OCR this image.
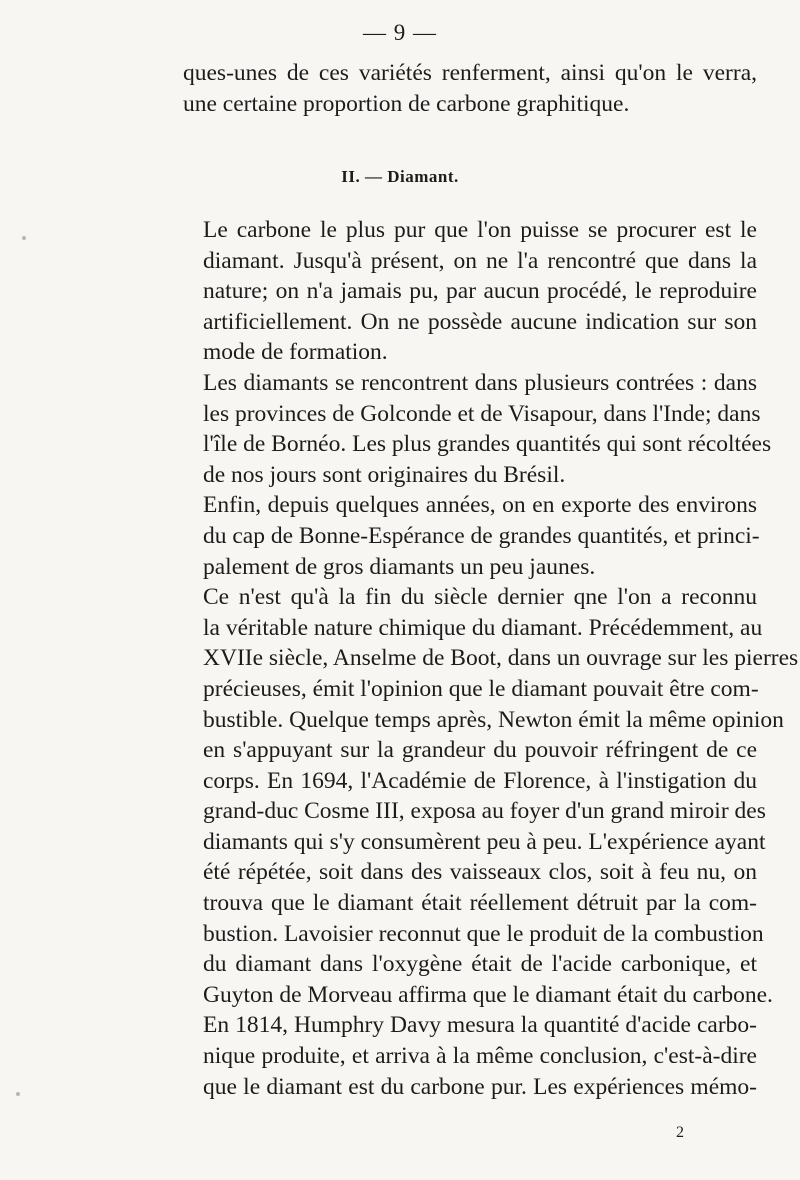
— 9 —
ques-unes de ces variétés renferment, ainsi qu'on le verra,
une certaine proportion de carbone graphitique.
II. — Diamant.
Le carbone le plus pur que l'on puisse se procurer est le
diamant. Jusqu'à présent, on ne l'a rencontré que dans la
nature; on n'a jamais pu, par aucun procédé, le reproduire
artificiellement. On ne possède aucune indication sur son
mode de formation.
Les diamants se rencontrent dans plusieurs contrées : dans
les provinces de Golconde et de Visapour, dans l'Inde; dans
l'île de Bornéo. Les plus grandes quantités qui sont récoltées
de nos jours sont originaires du Brésil.
Enfin, depuis quelques années, on en exporte des environs
du cap de Bonne-Espérance de grandes quantités, et princi-
palement de gros diamants un peu jaunes.
Ce n'est qu'à la fin du siècle dernier qne l'on a reconnu
la véritable nature chimique du diamant. Précédemment, au
XVIIe siècle, Anselme de Boot, dans un ouvrage sur les pierres
précieuses, émit l'opinion que le diamant pouvait être com-
bustible. Quelque temps après, Newton émit la même opinion
en s'appuyant sur la grandeur du pouvoir réfringent de ce
corps. En 1694, l'Académie de Florence, à l'instigation du
grand-duc Cosme III, exposa au foyer d'un grand miroir des
diamants qui s'y consumèrent peu à peu. L'expérience ayant
été répétée, soit dans des vaisseaux clos, soit à feu nu, on
trouva que le diamant était réellement détruit par la com-
bustion. Lavoisier reconnut que le produit de la combustion
du diamant dans l'oxygène était de l'acide carbonique, et
Guyton de Morveau affirma que le diamant était du carbone.
En 1814, Humphry Davy mesura la quantité d'acide carbo-
nique produite, et arriva à la même conclusion, c'est-à-dire
que le diamant est du carbone pur. Les expériences mémo-
2
